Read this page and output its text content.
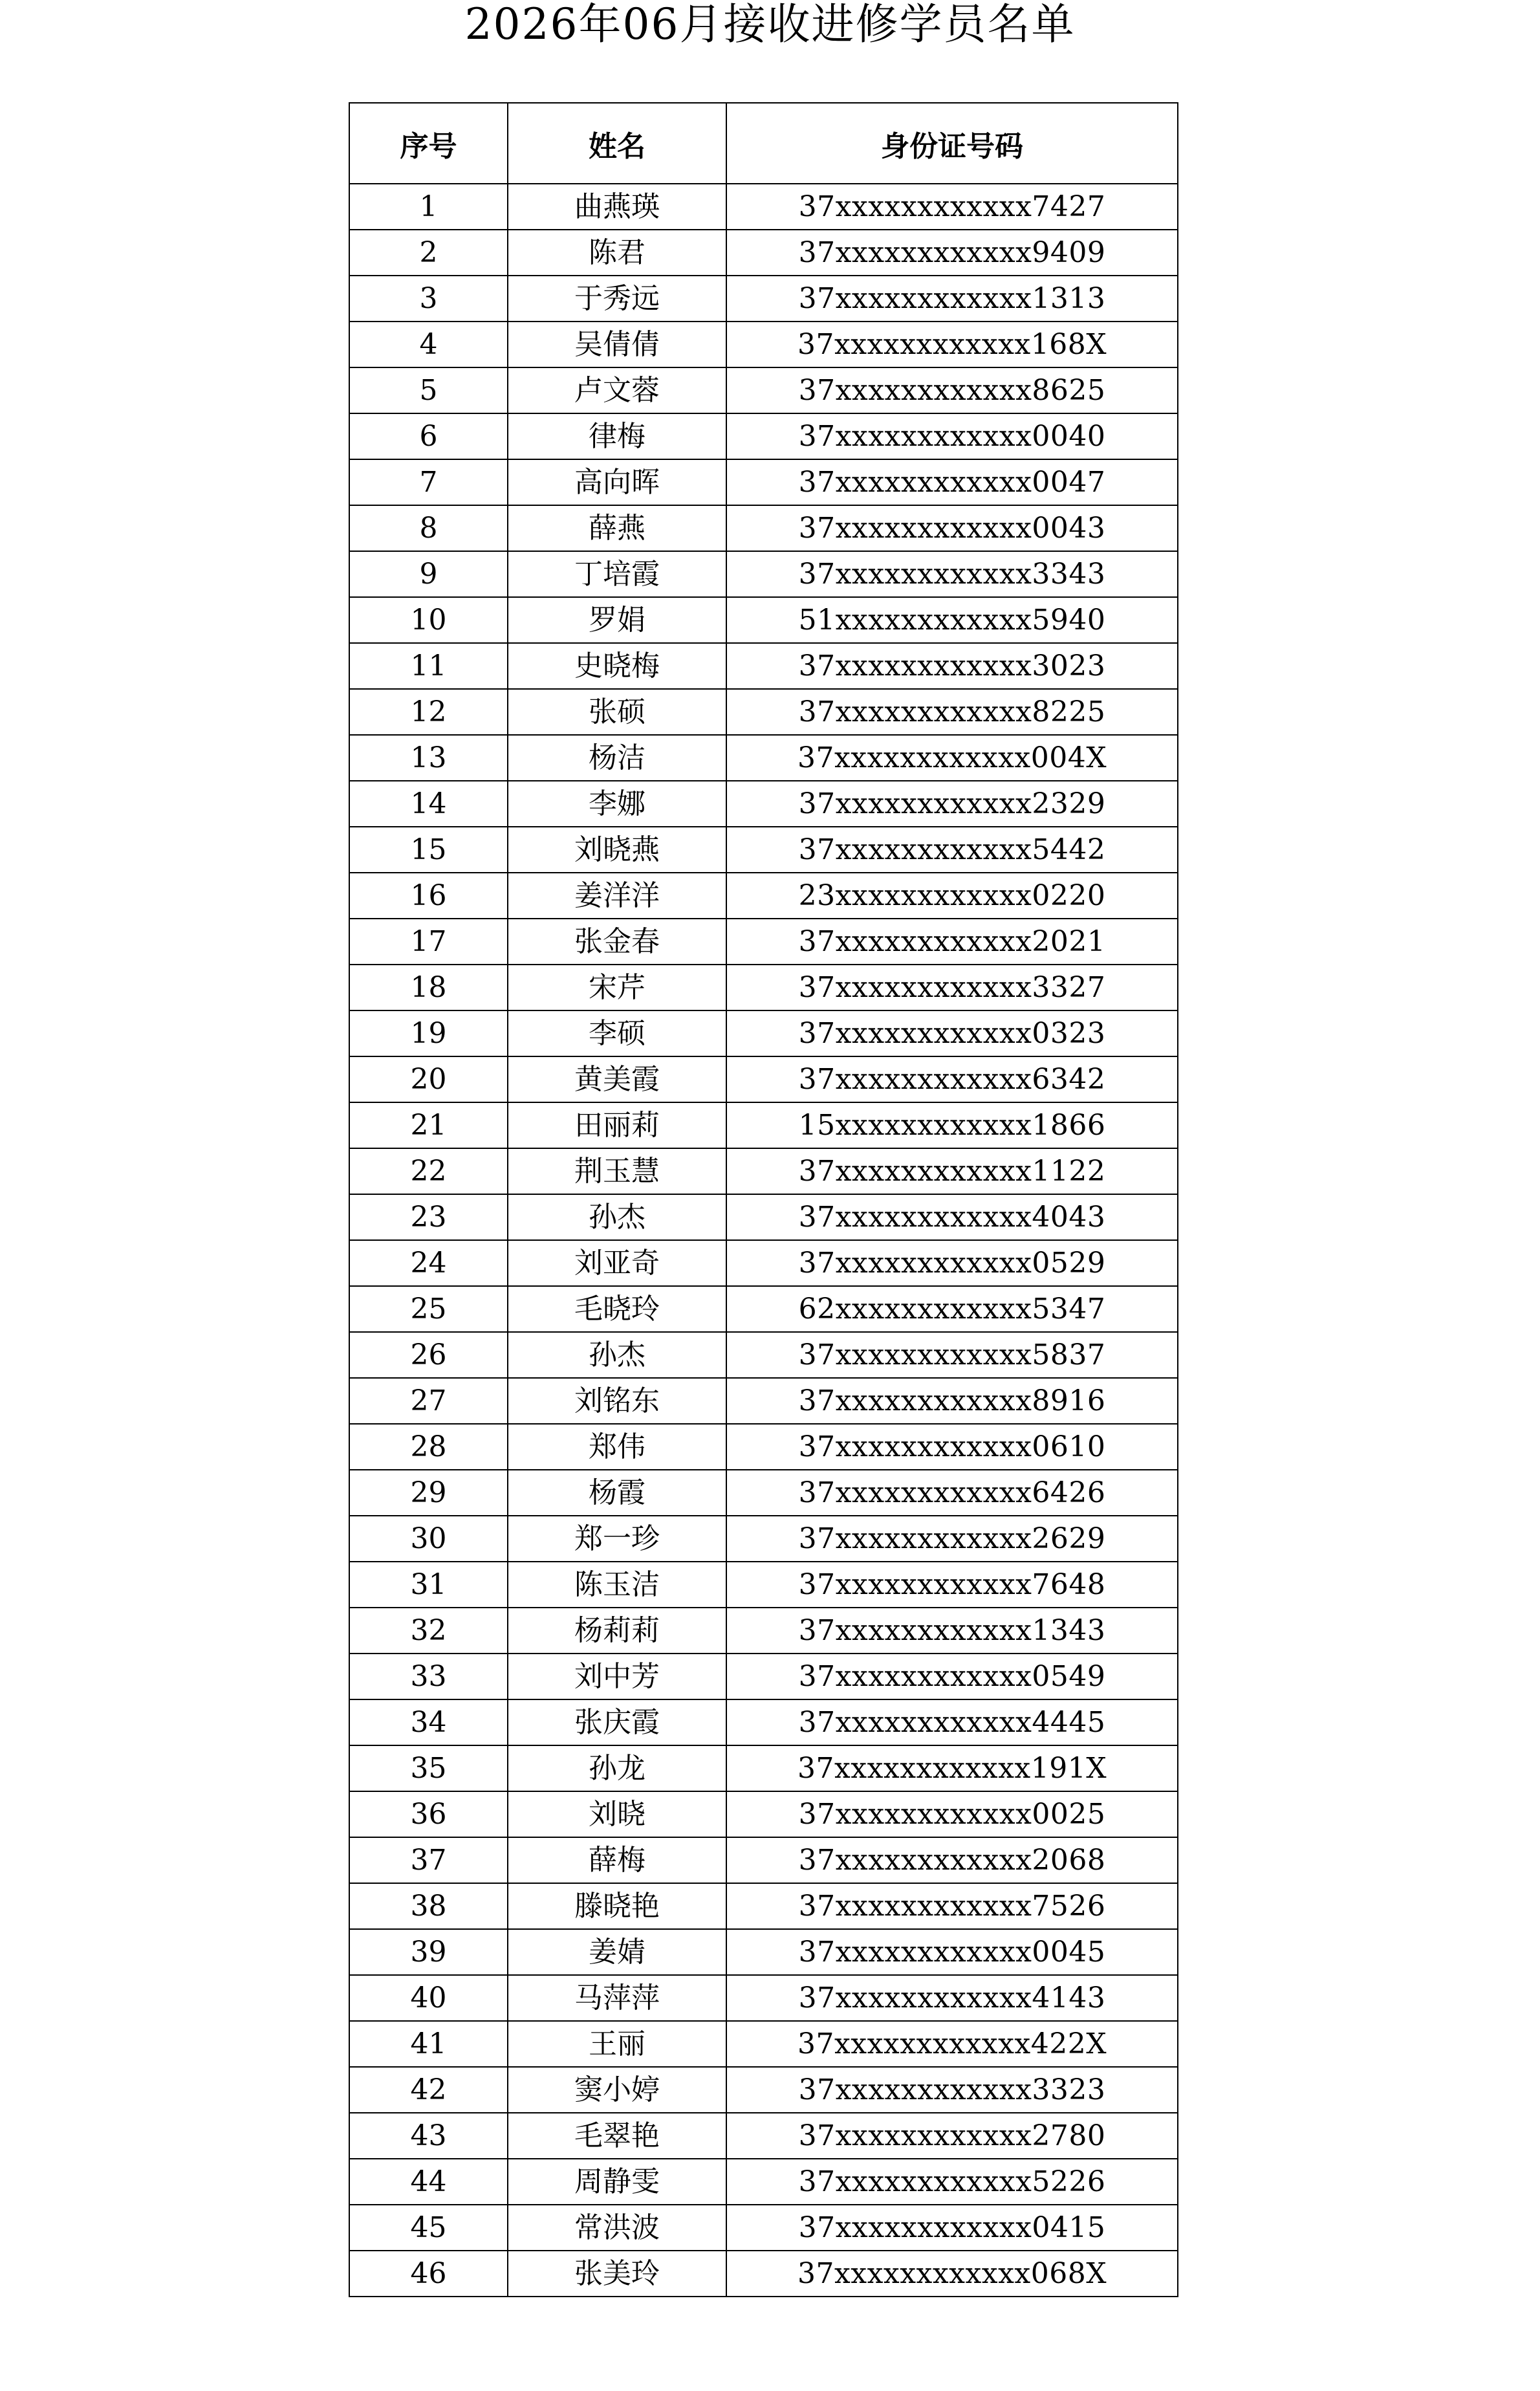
2026年06月接收进修学员名单
序号	姓名	身份证号码
1	曲燕瑛	37xxxxxxxxxxxx7427
2	陈君	37xxxxxxxxxxxx9409
3	于秀远	37xxxxxxxxxxxx1313
4	吴倩倩	37xxxxxxxxxxxx168X
5	卢文蓉	37xxxxxxxxxxxx8625
6	律梅	37xxxxxxxxxxxx0040
7	高向晖	37xxxxxxxxxxxx0047
8	薛燕	37xxxxxxxxxxxx0043
9	丁培霞	37xxxxxxxxxxxx3343
10	罗娟	51xxxxxxxxxxxx5940
11	史晓梅	37xxxxxxxxxxxx3023
12	张硕	37xxxxxxxxxxxx8225
13	杨洁	37xxxxxxxxxxxx004X
14	李娜	37xxxxxxxxxxxx2329
15	刘晓燕	37xxxxxxxxxxxx5442
16	姜洋洋	23xxxxxxxxxxxx0220
17	张金春	37xxxxxxxxxxxx2021
18	宋芹	37xxxxxxxxxxxx3327
19	李硕	37xxxxxxxxxxxx0323
20	黄美霞	37xxxxxxxxxxxx6342
21	田丽莉	15xxxxxxxxxxxx1866
22	荆玉慧	37xxxxxxxxxxxx1122
23	孙杰	37xxxxxxxxxxxx4043
24	刘亚奇	37xxxxxxxxxxxx0529
25	毛晓玲	62xxxxxxxxxxxx5347
26	孙杰	37xxxxxxxxxxxx5837
27	刘铭东	37xxxxxxxxxxxx8916
28	郑伟	37xxxxxxxxxxxx0610
29	杨霞	37xxxxxxxxxxxx6426
30	郑一珍	37xxxxxxxxxxxx2629
31	陈玉洁	37xxxxxxxxxxxx7648
32	杨莉莉	37xxxxxxxxxxxx1343
33	刘中芳	37xxxxxxxxxxxx0549
34	张庆霞	37xxxxxxxxxxxx4445
35	孙龙	37xxxxxxxxxxxx191X
36	刘晓	37xxxxxxxxxxxx0025
37	薛梅	37xxxxxxxxxxxx2068
38	滕晓艳	37xxxxxxxxxxxx7526
39	姜婧	37xxxxxxxxxxxx0045
40	马萍萍	37xxxxxxxxxxxx4143
41	王丽	37xxxxxxxxxxxx422X
42	窦小婷	37xxxxxxxxxxxx3323
43	毛翠艳	37xxxxxxxxxxxx2780
44	周静雯	37xxxxxxxxxxxx5226
45	常洪波	37xxxxxxxxxxxx0415
46	张美玲	37xxxxxxxxxxxx068X
